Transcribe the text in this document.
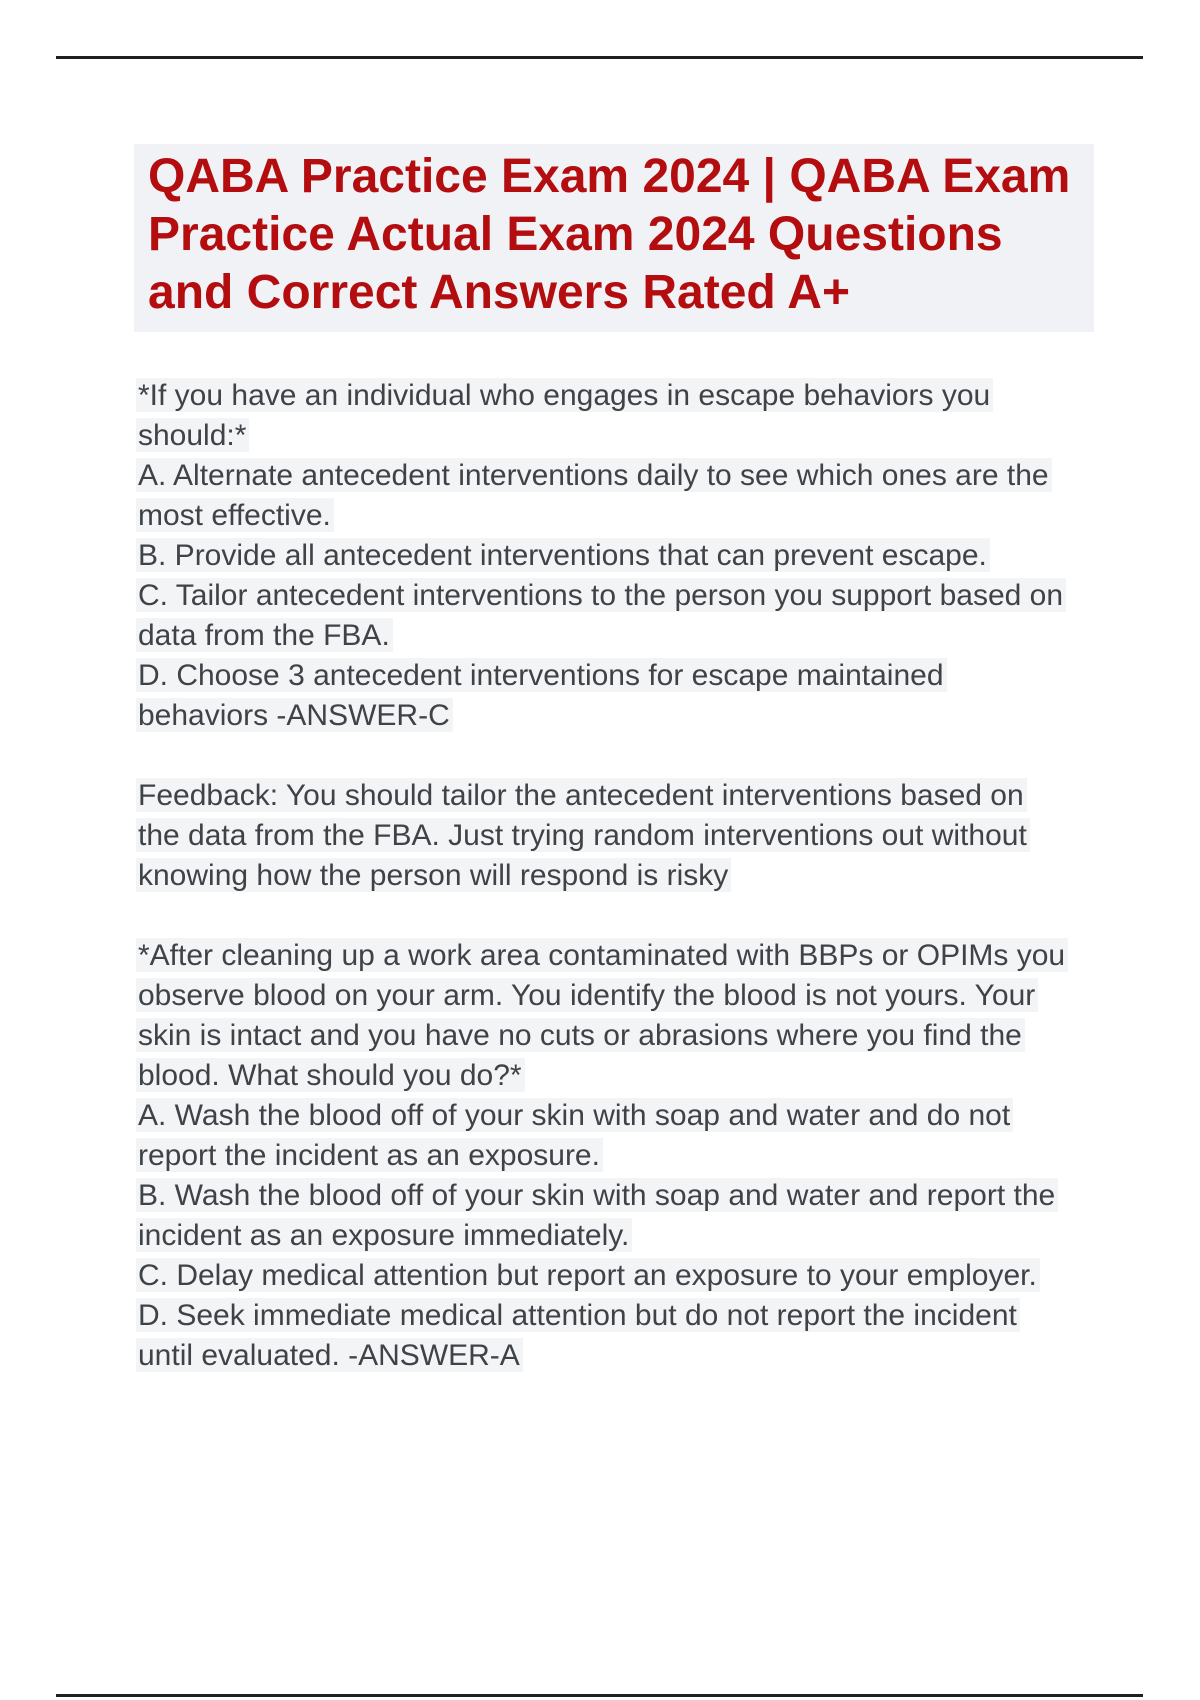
QABA Practice Exam 2024 | QABA Exam
Practice Actual Exam 2024 Questions
and Correct Answers Rated A+
*If you have an individual who engages in escape behaviors you
should:*
A. Alternate antecedent interventions daily to see which ones are the
most effective.
B. Provide all antecedent interventions that can prevent escape.
C. Tailor antecedent interventions to the person you support based on
data from the FBA.
D. Choose 3 antecedent interventions for escape maintained
behaviors -ANSWER-C
Feedback: You should tailor the antecedent interventions based on
the data from the FBA. Just trying random interventions out without
knowing how the person will respond is risky
*After cleaning up a work area contaminated with BBPs or OPIMs you
observe blood on your arm. You identify the blood is not yours. Your
skin is intact and you have no cuts or abrasions where you find the
blood. What should you do?*
A. Wash the blood off of your skin with soap and water and do not
report the incident as an exposure.
B. Wash the blood off of your skin with soap and water and report the
incident as an exposure immediately.
C. Delay medical attention but report an exposure to your employer.
D. Seek immediate medical attention but do not report the incident
until evaluated. -ANSWER-A
